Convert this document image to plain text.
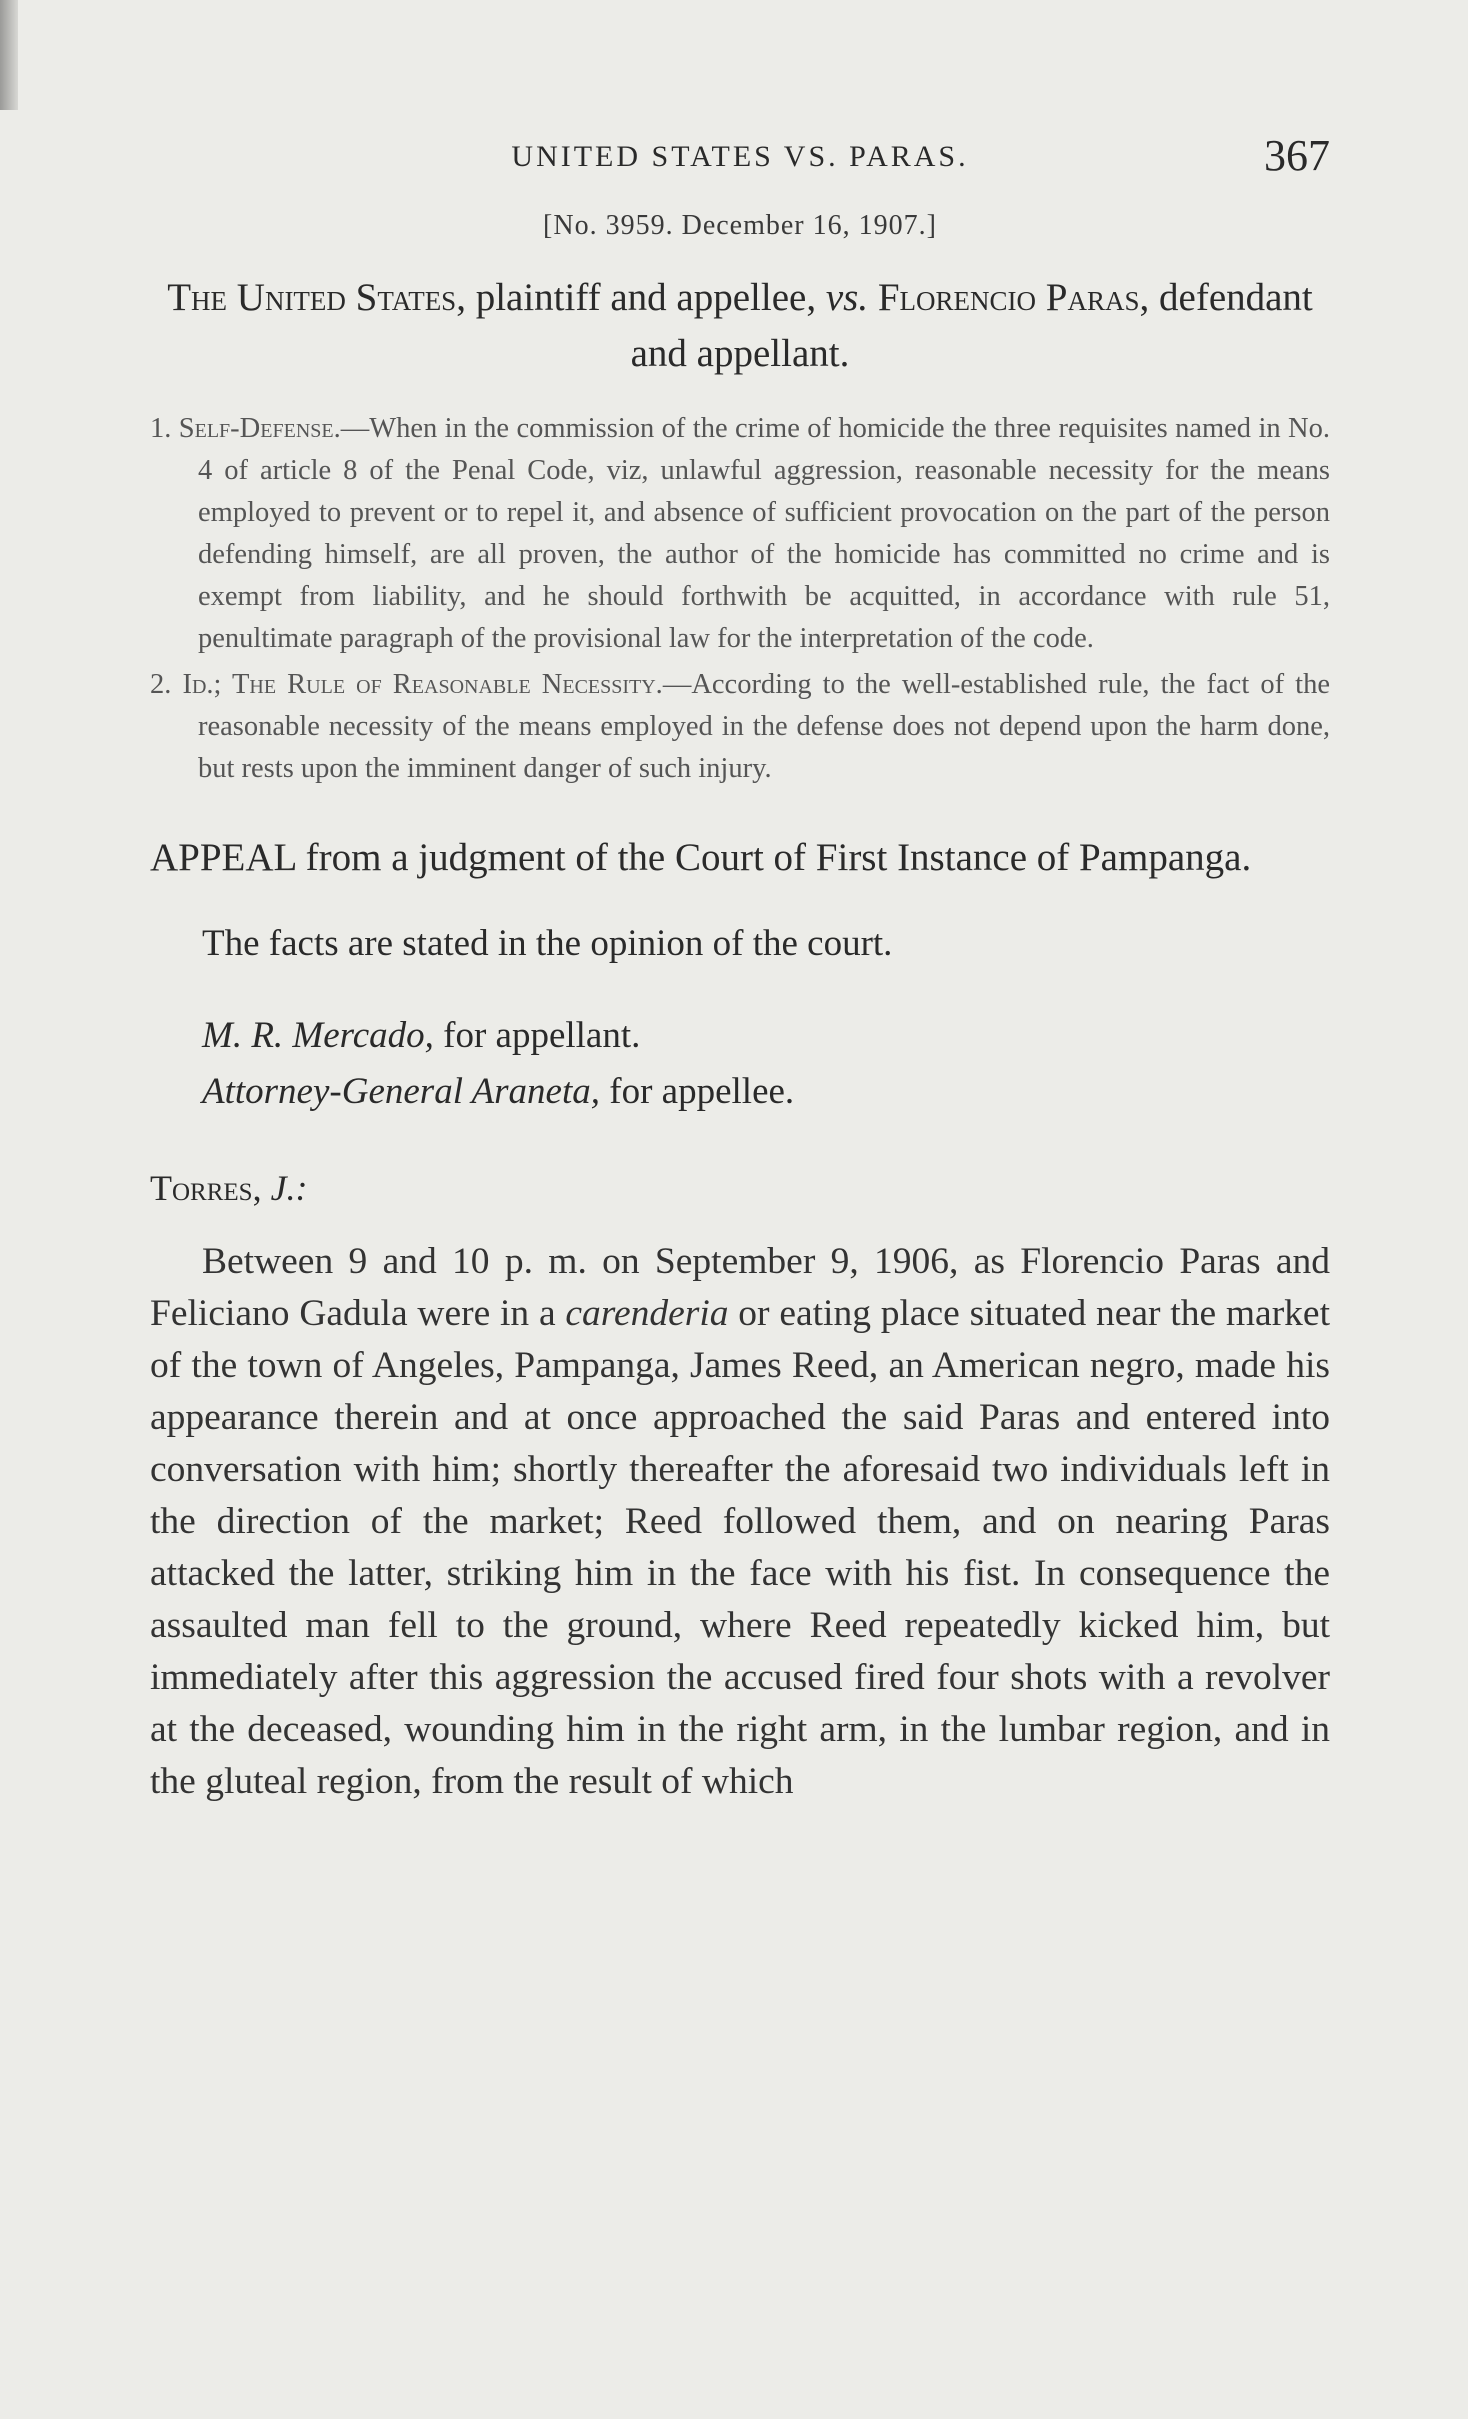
UNITED STATES VS. PARAS.	367
[No. 3959. December 16, 1907.]
The United States, plaintiff and appellee, vs. Florencio Paras, defendant and appellant.

1. Self-Defense.—When in the commission of the crime of homicide the three requisites named in No. 4 of article 8 of the Penal Code, viz, unlawful aggression, reasonable necessity for the means employed to prevent or to repel it, and absence of sufficient provocation on the part of the person defending himself, are all proven, the author of the homicide has committed no crime and is exempt from liability, and he should forthwith be acquitted, in accordance with rule 51, penultimate paragraph of the provisional law for the interpretation of the code.

2. Id.; The Rule of Reasonable Necessity.—According to the well-established rule, the fact of the reasonable necessity of the means employed in the defense does not depend upon the harm done, but rests upon the imminent danger of such injury.

APPEAL from a judgment of the Court of First Instance of Pampanga.
The facts are stated in the opinion of the court.
M. R. Mercado, for appellant.
Attorney-General Araneta, for appellee.
Torres, J.:
Between 9 and 10 p. m. on September 9, 1906, as Florencio Paras and Feliciano Gadula were in a carenderia or eating place situated near the market of the town of Angeles, Pampanga, James Reed, an American negro, made his appearance therein and at once approached the said Paras and entered into conversation with him; shortly thereafter the aforesaid two individuals left in the direction of the market; Reed followed them, and on nearing Paras attacked the latter, striking him in the face with his fist. In consequence the assaulted man fell to the ground, where Reed repeatedly kicked him, but immediately after this aggression the accused fired four shots with a revolver at the deceased, wounding him in the right arm, in the lumbar region, and in the gluteal region, from the result of which
